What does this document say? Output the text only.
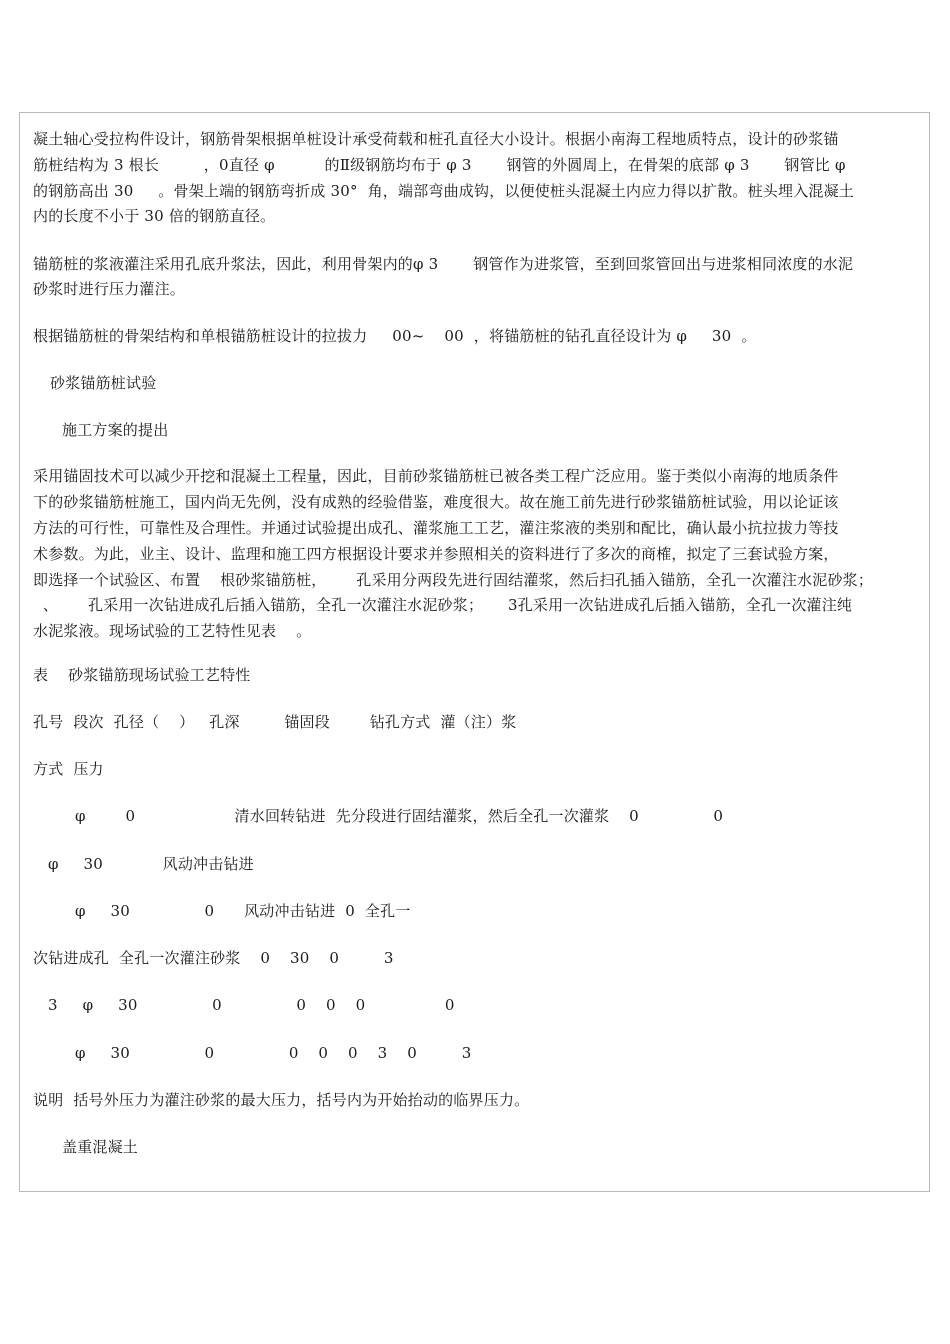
凝土轴心受拉构件设计，钢筋骨架根据单桩设计承受荷载和桩孔直径大小设计。根据小南海工程地质特点，设计的砂浆锚
筋桩结构为 3 根长         ，0直径 φ          的Ⅱ级钢筋均布于 φ 3       钢管的外圆周上，在骨架的底部 φ 3       钢管比 φ
的钢筋高出 30     。骨架上端的钢筋弯折成 30°  角，端部弯曲成钩，以便使桩头混凝土内应力得以扩散。桩头埋入混凝土
内的长度不小于 30 倍的钢筋直径。
锚筋桩的浆液灌注采用孔底升浆法，因此，利用骨架内的φ 3       钢管作为进浆管，至到回浆管回出与进浆相同浓度的水泥
砂浆时进行压力灌注。
根据锚筋桩的骨架结构和单根锚筋桩设计的拉拔力     00~    00  ，将锚筋桩的钻孔直径设计为 φ     30  。
砂浆锚筋桩试验
施工方案的提出
采用锚固技术可以减少开挖和混凝土工程量，因此，目前砂浆锚筋桩已被各类工程广泛应用。鉴于类似小南海的地质条件
下的砂浆锚筋桩施工，国内尚无先例，没有成熟的经验借鉴，难度很大。故在施工前先进行砂浆锚筋桩试验，用以论证该
方法的可行性，可靠性及合理性。并通过试验提出成孔、灌浆施工工艺，灌注浆液的类别和配比，确认最小抗拉拔力等技
术参数。为此，业主、设计、监理和施工四方根据设计要求并参照相关的资料进行了多次的商榷，拟定了三套试验方案，
即选择一个试验区、布置    根砂浆锚筋桩，      孔采用分两段先进行固结灌浆，然后扫孔插入锚筋，全孔一次灌注水泥砂浆；
、      孔采用一次钻进成孔后插入锚筋，全孔一次灌注水泥砂浆；     3孔采用一次钻进成孔后插入锚筋，全孔一次灌注纯
水泥浆液。现场试验的工艺特性见表    。
表    砂浆锚筋现场试验工艺特性
孔号  段次  孔径（    ）   孔深         锚固段        钻孔方式  灌（注）浆
方式  压力
φ        0                    清水回转钻进  先分段进行固结灌浆，然后全孔一次灌浆    0               0
φ     30            风动冲击钻进
φ     30               0      风动冲击钻进  0  全孔一
次钻进成孔  全孔一次灌注砂浆    0    30    0         3
3     φ     30               0               0    0    0                0
φ     30               0               0    0    0    3    0         3
说明  括号外压力为灌注砂浆的最大压力，括号内为开始抬动的临界压力。
盖重混凝土
